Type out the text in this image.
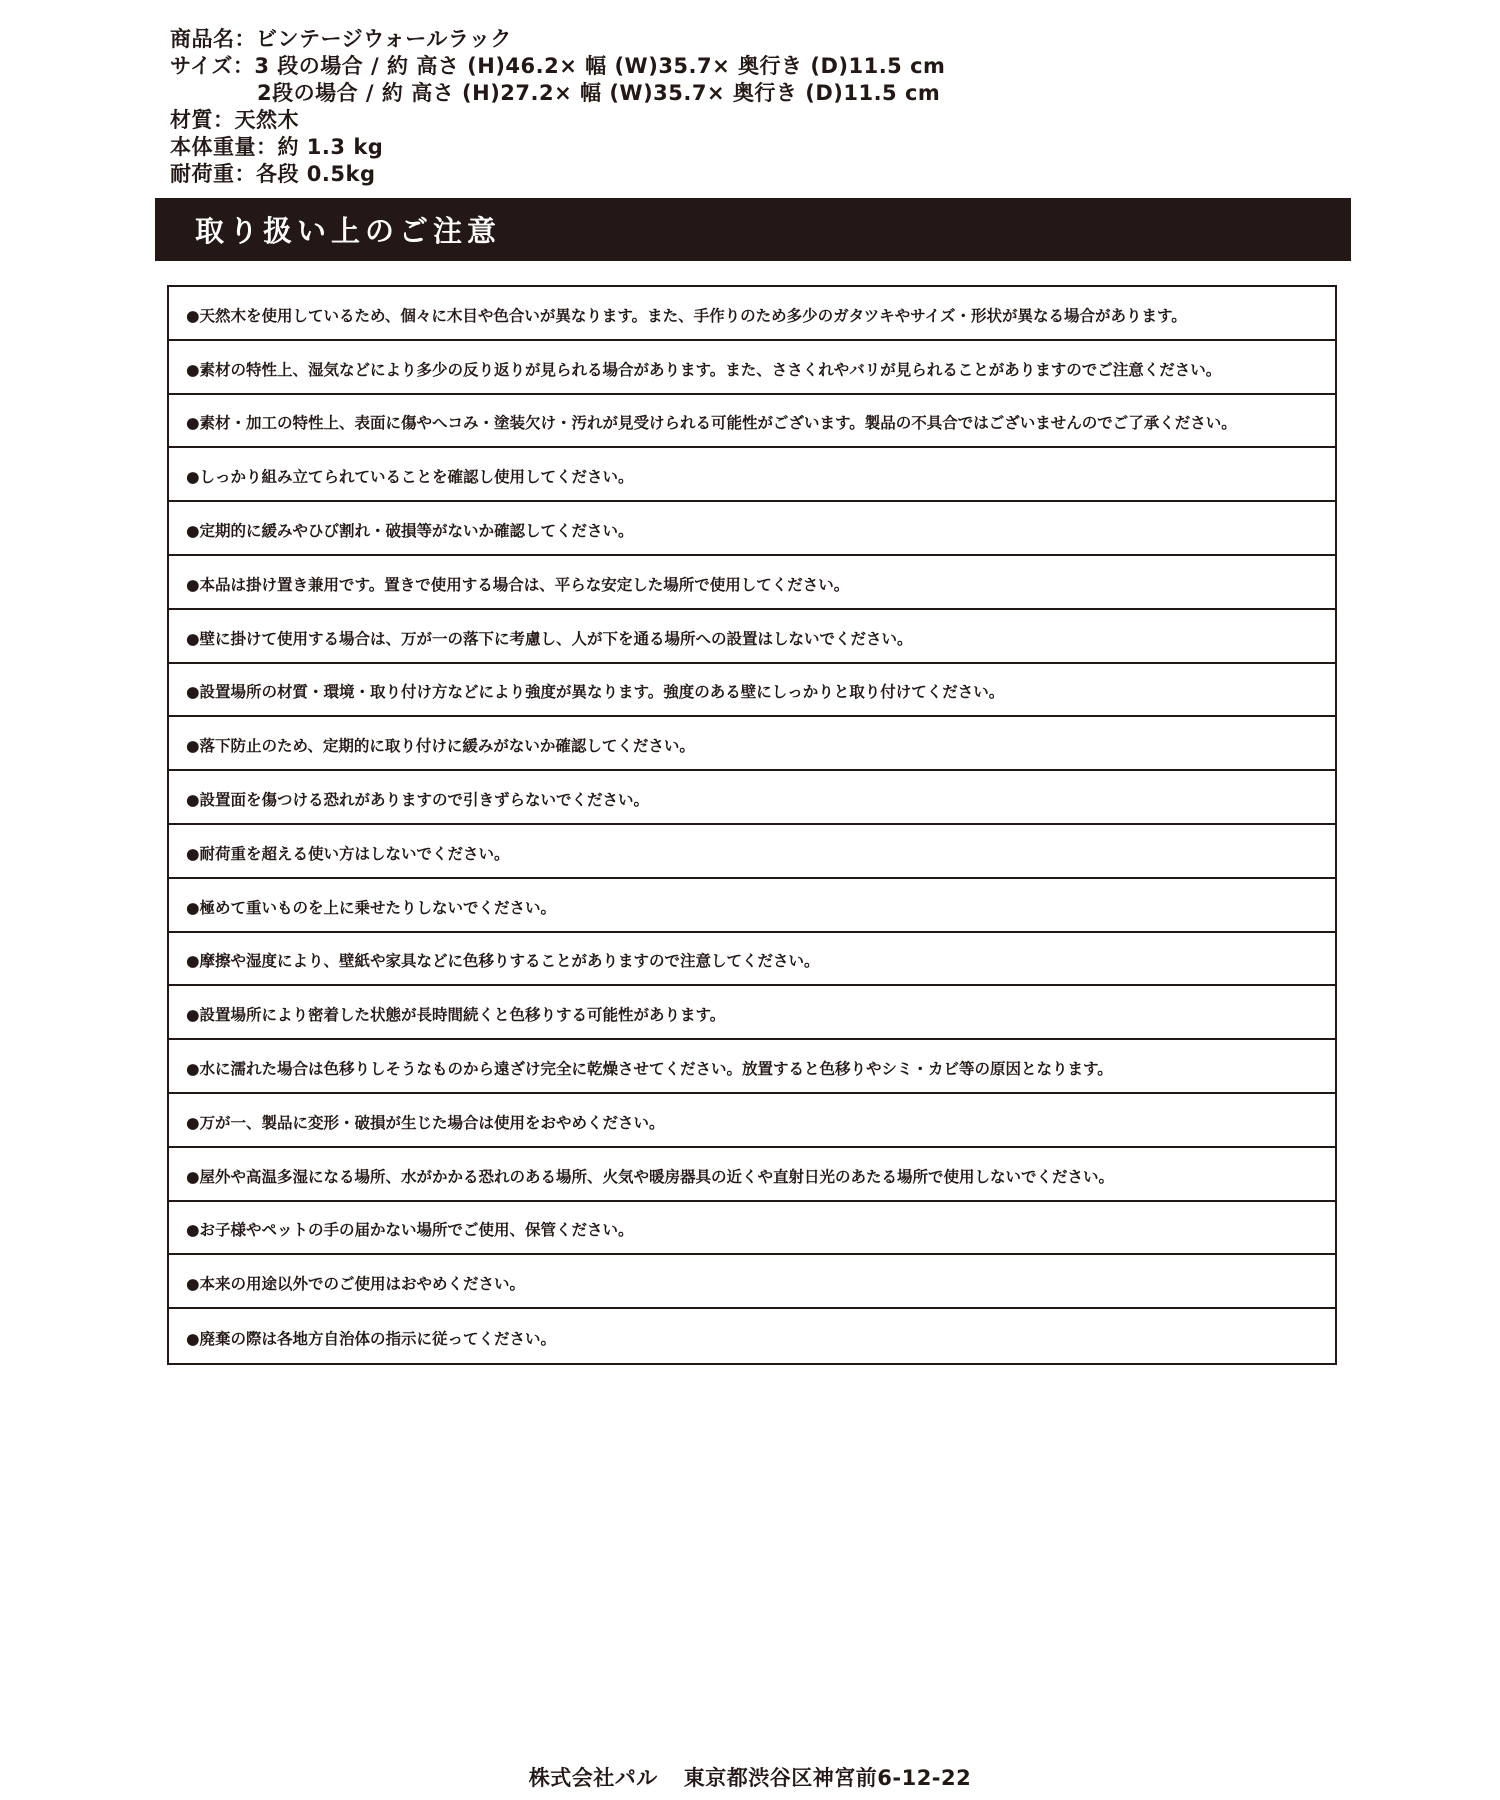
商品名：ビンテージウォールラック
サイズ：3 段の場合 / 約 高さ (H)46.2× 幅 (W)35.7× 奥行き (D)11.5 cm
2段の場合 / 約 高さ (H)27.2× 幅 (W)35.7× 奥行き (D)11.5 cm
材質：天然木
本体重量：約 1.3 kg
耐荷重：各段 0.5kg
取り扱い上のご注意
●天然木を使用しているため、個々に木目や色合いが異なります。また、手作りのため多少のガタツキやサイズ・形状が異なる場合があります。
●素材の特性上、湿気などにより多少の反り返りが見られる場合があります。また、ささくれやバリが見られることがありますのでご注意ください。
●素材・加工の特性上、表面に傷やへコみ・塗装欠け・汚れが見受けられる可能性がございます。製品の不具合ではございませんのでご了承ください。
●しっかり組み立てられていることを確認し使用してください。
●定期的に緩みやひび割れ・破損等がないか確認してください。
●本品は掛け置き兼用です。置きで使用する場合は、平らな安定した場所で使用してください。
●壁に掛けて使用する場合は、万が一の落下に考慮し、人が下を通る場所への設置はしないでください。
●設置場所の材質・環境・取り付け方などにより強度が異なります。強度のある壁にしっかりと取り付けてください。
●落下防止のため、定期的に取り付けに緩みがないか確認してください。
●設置面を傷つける恐れがありますので引きずらないでください。
●耐荷重を超える使い方はしないでください。
●極めて重いものを上に乗せたりしないでください。
●摩擦や湿度により、壁紙や家具などに色移りすることがありますので注意してください。
●設置場所により密着した状態が長時間続くと色移りする可能性があります。
●水に濡れた場合は色移りしそうなものから遠ざけ完全に乾燥させてください。放置すると色移りやシミ・カビ等の原因となります。
●万が一、製品に変形・破損が生じた場合は使用をおやめください。
●屋外や高温多湿になる場所、水がかかる恐れのある場所、火気や暖房器具の近くや直射日光のあたる場所で使用しないでください。
●お子様やペットの手の届かない場所でご使用、保管ください。
●本来の用途以外でのご使用はおやめください。
●廃棄の際は各地方自治体の指示に従ってください。
株式会社パル 東京都渋谷区神宮前6-12-22
